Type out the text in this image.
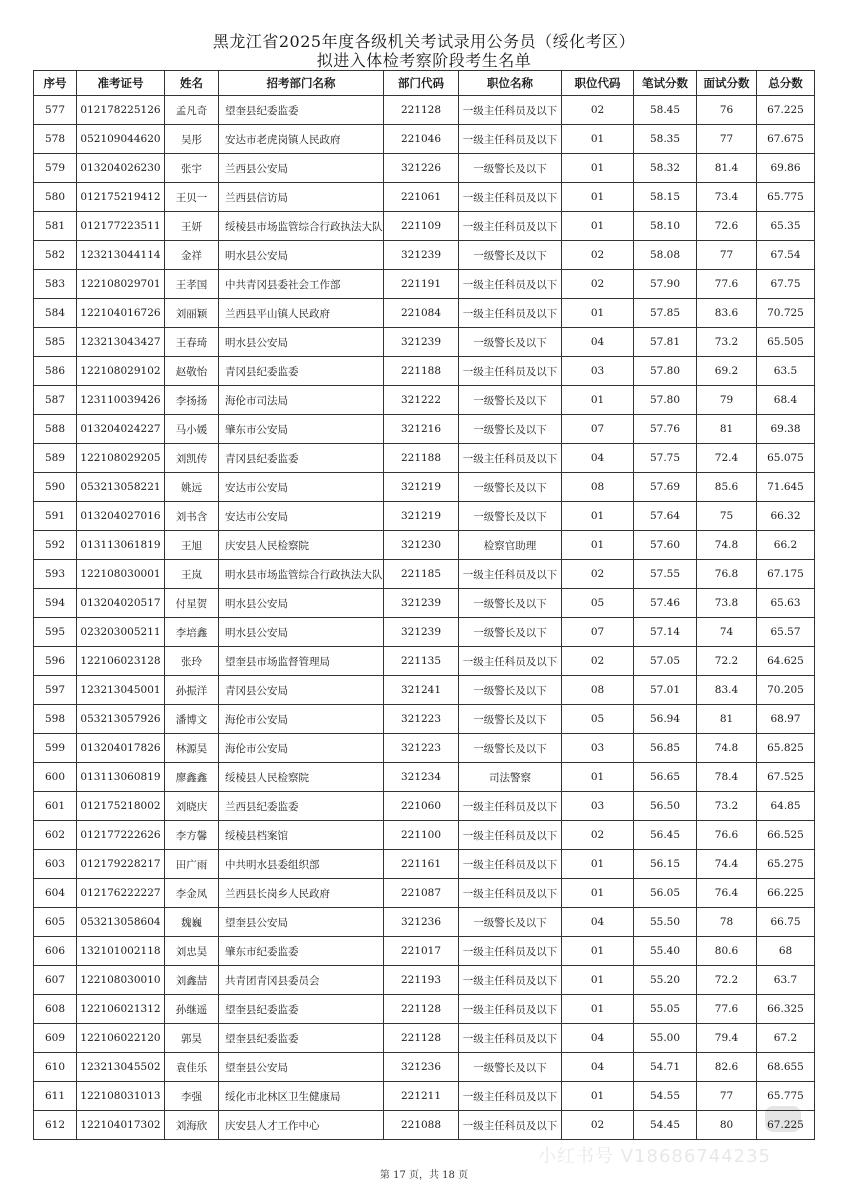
黑龙江省2025年度各级机关考试录用公务员（绥化考区）
拟进入体检考察阶段考生名单
序号	准考证号	姓名	招考部门名称	部门代码	职位名称	职位代码	笔试分数	面试分数	总分数
577	012178225126	孟凡奇	望奎县纪委监委	221128	一级主任科员及以下	02	58.45	76	67.225
578	052109044620	吴彤	安达市老虎岗镇人民政府	221046	一级主任科员及以下	01	58.35	77	67.675
579	013204026230	张宇	兰西县公安局	321226	一级警长及以下	01	58.32	81.4	69.86
580	012175219412	王贝一	兰西县信访局	221061	一级主任科员及以下	01	58.15	73.4	65.775
581	012177223511	王妍	绥棱县市场监管综合行政执法大队	221109	一级主任科员及以下	01	58.10	72.6	65.35
582	123213044114	金祥	明水县公安局	321239	一级警长及以下	02	58.08	77	67.54
583	122108029701	王孝国	中共青冈县委社会工作部	221191	一级主任科员及以下	02	57.90	77.6	67.75
584	122104016726	刘丽颖	兰西县平山镇人民政府	221084	一级主任科员及以下	01	57.85	83.6	70.725
585	123213043427	王春琦	明水县公安局	321239	一级警长及以下	04	57.81	73.2	65.505
586	122108029102	赵敬怡	青冈县纪委监委	221188	一级主任科员及以下	03	57.80	69.2	63.5
587	123110039426	李扬扬	海伦市司法局	321222	一级警长及以下	01	57.80	79	68.4
588	013204024227	马小媛	肇东市公安局	321216	一级警长及以下	07	57.76	81	69.38
589	122108029205	刘凯传	青冈县纪委监委	221188	一级主任科员及以下	04	57.75	72.4	65.075
590	053213058221	姚远	安达市公安局	321219	一级警长及以下	08	57.69	85.6	71.645
591	013204027016	刘书含	安达市公安局	321219	一级警长及以下	01	57.64	75	66.32
592	013113061819	王旭	庆安县人民检察院	321230	检察官助理	01	57.60	74.8	66.2
593	122108030001	王岚	明水县市场监管综合行政执法大队	221185	一级主任科员及以下	02	57.55	76.8	67.175
594	013204020517	付星贺	明水县公安局	321239	一级警长及以下	05	57.46	73.8	65.63
595	023203005211	李培鑫	明水县公安局	321239	一级警长及以下	07	57.14	74	65.57
596	122106023128	张玲	望奎县市场监督管理局	221135	一级主任科员及以下	02	57.05	72.2	64.625
597	123213045001	孙振洋	青冈县公安局	321241	一级警长及以下	08	57.01	83.4	70.205
598	053213057926	潘博文	海伦市公安局	321223	一级警长及以下	05	56.94	81	68.97
599	013204017826	林源昊	海伦市公安局	321223	一级警长及以下	03	56.85	74.8	65.825
600	013113060819	廖鑫鑫	绥棱县人民检察院	321234	司法警察	01	56.65	78.4	67.525
601	012175218002	刘晓庆	兰西县纪委监委	221060	一级主任科员及以下	03	56.50	73.2	64.85
602	012177222626	李方馨	绥棱县档案馆	221100	一级主任科员及以下	02	56.45	76.6	66.525
603	012179228217	田广雨	中共明水县委组织部	221161	一级主任科员及以下	01	56.15	74.4	65.275
604	012176222227	李金凤	兰西县长岗乡人民政府	221087	一级主任科员及以下	01	56.05	76.4	66.225
605	053213058604	魏巍	望奎县公安局	321236	一级警长及以下	04	55.50	78	66.75
606	132101002118	刘忠昊	肇东市纪委监委	221017	一级主任科员及以下	01	55.40	80.6	68
607	122108030010	刘鑫喆	共青团青冈县委员会	221193	一级主任科员及以下	01	55.20	72.2	63.7
608	122106021312	孙继遥	望奎县纪委监委	221128	一级主任科员及以下	01	55.05	77.6	66.325
609	122106022120	郭昊	望奎县纪委监委	221128	一级主任科员及以下	04	55.00	79.4	67.2
610	123213045502	袁佳乐	望奎县公安局	321236	一级警长及以下	04	54.71	82.6	68.655
611	122108031013	李强	绥化市北林区卫生健康局	221211	一级主任科员及以下	01	54.55	77	65.775
612	122104017302	刘海欣	庆安县人才工作中心	221088	一级主任科员及以下	02	54.45	80	67.225
小红书号 V18686744235
第 17 页，共 18 页
